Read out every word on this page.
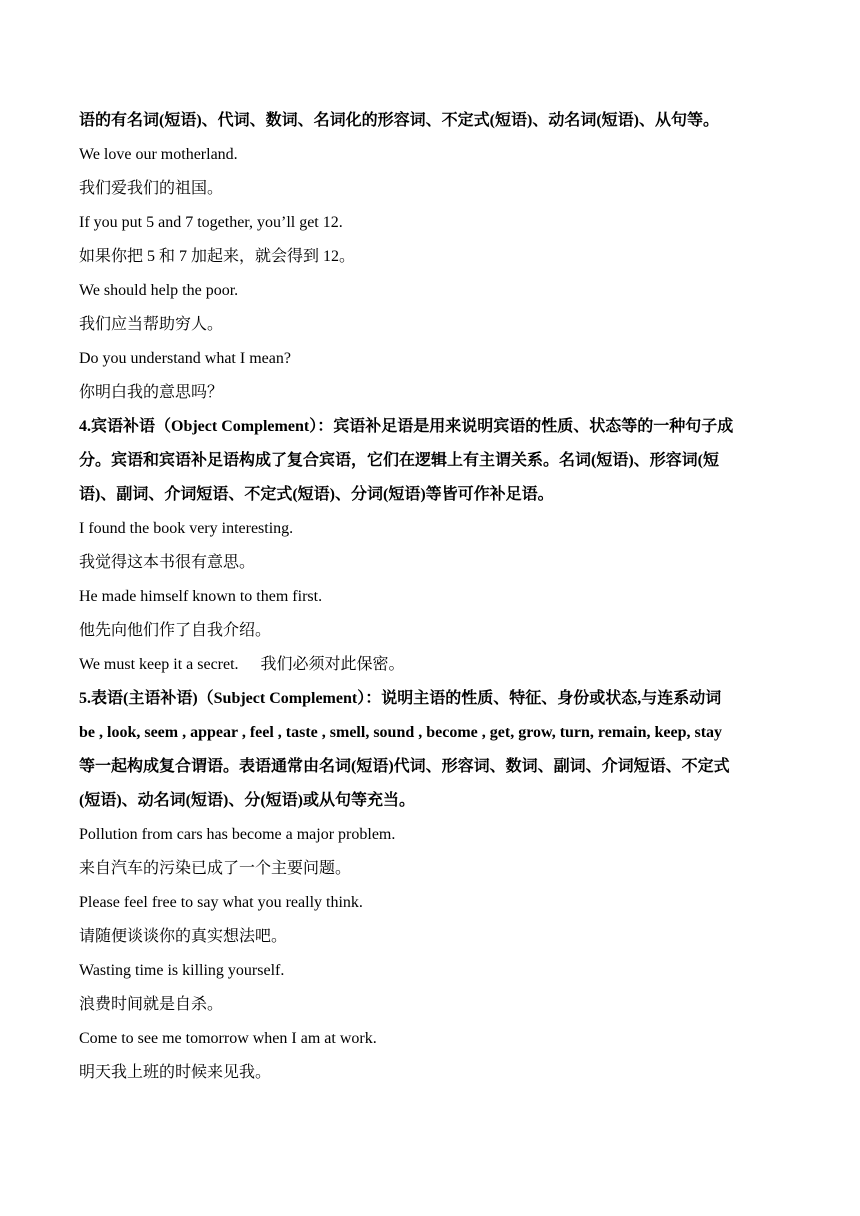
语的有名词(短语)、代词、数词、名词化的形容词、不定式(短语)、动名词(短语)、从句等。
We love our motherland.
我们爱我们的祖国。
If you put 5 and 7 together, you’ll get 12.
如果你把 5 和 7 加起来，就会得到 12。
We should help the poor.
我们应当帮助穷人。
Do you understand what I mean?
你明白我的意思吗？
4.宾语补语（Object Complement）：宾语补足语是用来说明宾语的性质、状态等的一种句子成
分。宾语和宾语补足语构成了复合宾语，它们在逻辑上有主谓关系。名词(短语)、形容词(短
语)、副词、介词短语、不定式(短语)、分词(短语)等皆可作补足语。
I found the book very interesting.
我觉得这本书很有意思。
He made himself known to them first.
他先向他们作了自我介绍。
We must keep it a secret. 我们必须对此保密。
5.表语(主语补语)（Subject Complement）：说明主语的性质、特征、身份或状态,与连系动词
be , look, seem , appear , feel , taste , smell, sound , become , get, grow, turn, remain, keep, stay
等一起构成复合谓语。表语通常由名词(短语)代词、形容词、数词、副词、介词短语、不定式
(短语)、动名词(短语)、分(短语)或从句等充当。
Pollution from cars has become a major problem.
来自汽车的污染已成了一个主要问题。
Please feel free to say what you really think.
请随便谈谈你的真实想法吧。
Wasting time is killing yourself.
浪费时间就是自杀。
Come to see me tomorrow when I am at work.
明天我上班的时候来见我。
